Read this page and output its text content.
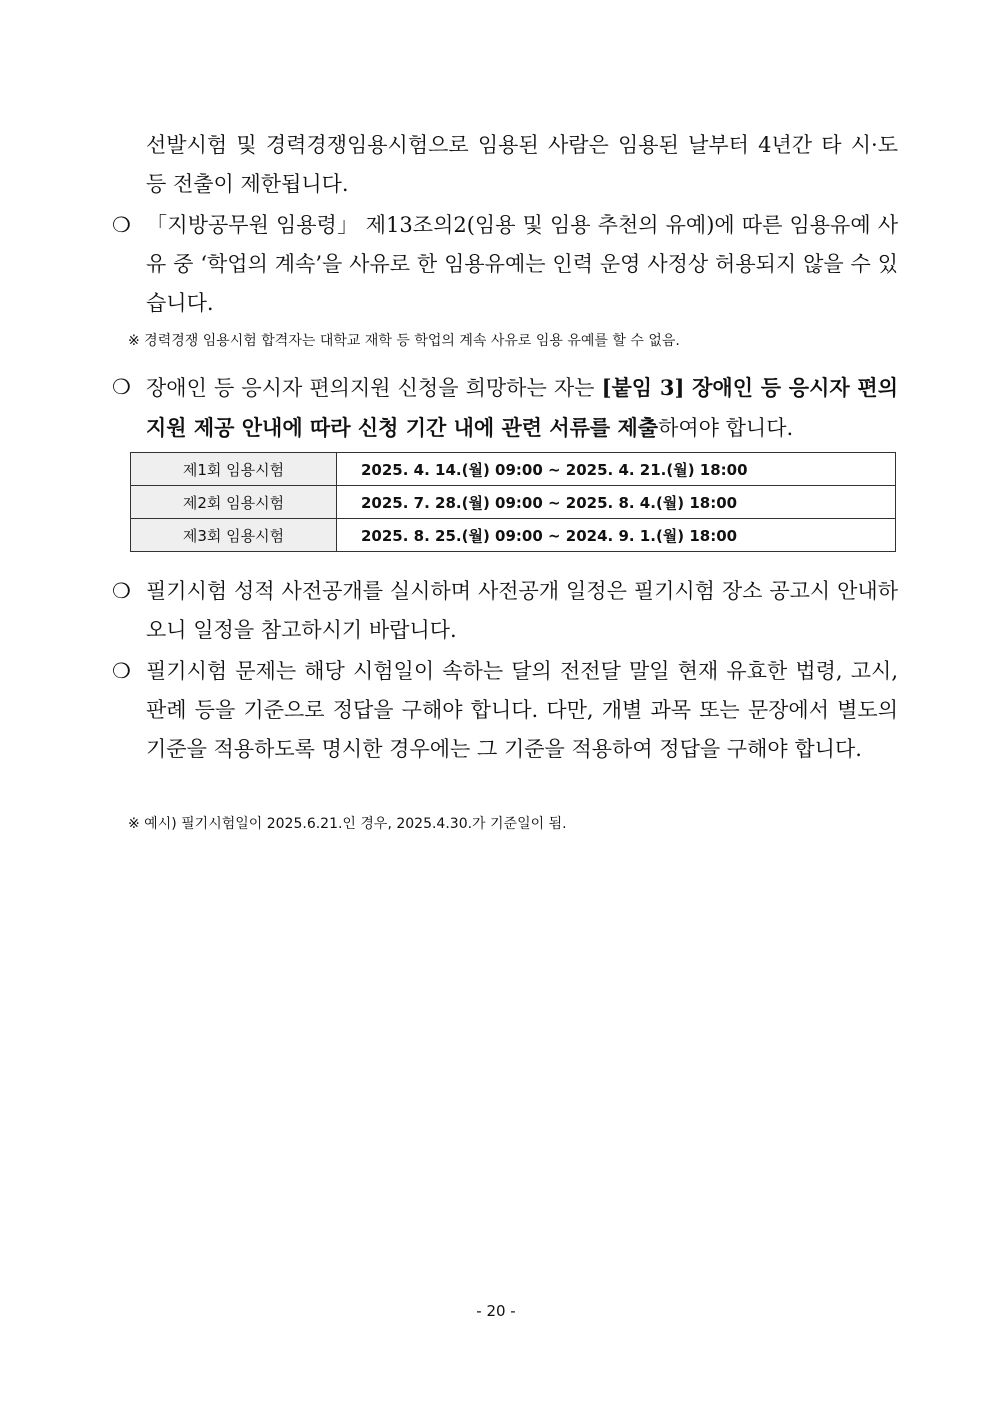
선발시험 및 경력경쟁임용시험으로 임용된 사람은 임용된 날부터 4년간 타 시·도 등 전출이 제한됩니다.
❍ 「지방공무원 임용령」 제13조의2(임용 및 임용 추천의 유예)에 따른 임용유예 사유 중 ‘학업의 계속’을 사유로 한 임용유예는 인력 운영 사정상 허용되지 않을 수 있습니다.
※ 경력경쟁 임용시험 합격자는 대학교 재학 등 학업의 계속 사유로 임용 유예를 할 수 없음.
❍ 장애인 등 응시자 편의지원 신청을 희망하는 자는 [붙임 3] 장애인 등 응시자 편의지원 제공 안내에 따라 신청 기간 내에 관련 서류를 제출하여야 합니다.
제1회 임용시험	2025. 4. 14.(월) 09:00 ~ 2025. 4. 21.(월) 18:00
제2회 임용시험	2025. 7. 28.(월) 09:00 ~ 2025. 8. 4.(월) 18:00
제3회 임용시험	2025. 8. 25.(월) 09:00 ~ 2024. 9. 1.(월) 18:00
❍ 필기시험 성적 사전공개를 실시하며 사전공개 일정은 필기시험 장소 공고시 안내하오니 일정을 참고하시기 바랍니다.
❍ 필기시험 문제는 해당 시험일이 속하는 달의 전전달 말일 현재 유효한 법령, 고시, 판례 등을 기준으로 정답을 구해야 합니다. 다만, 개별 과목 또는 문장에서 별도의 기준을 적용하도록 명시한 경우에는 그 기준을 적용하여 정답을 구해야 합니다.
※ 예시) 필기시험일이 2025.6.21.인 경우, 2025.4.30.가 기준일이 됨.
- 20 -
